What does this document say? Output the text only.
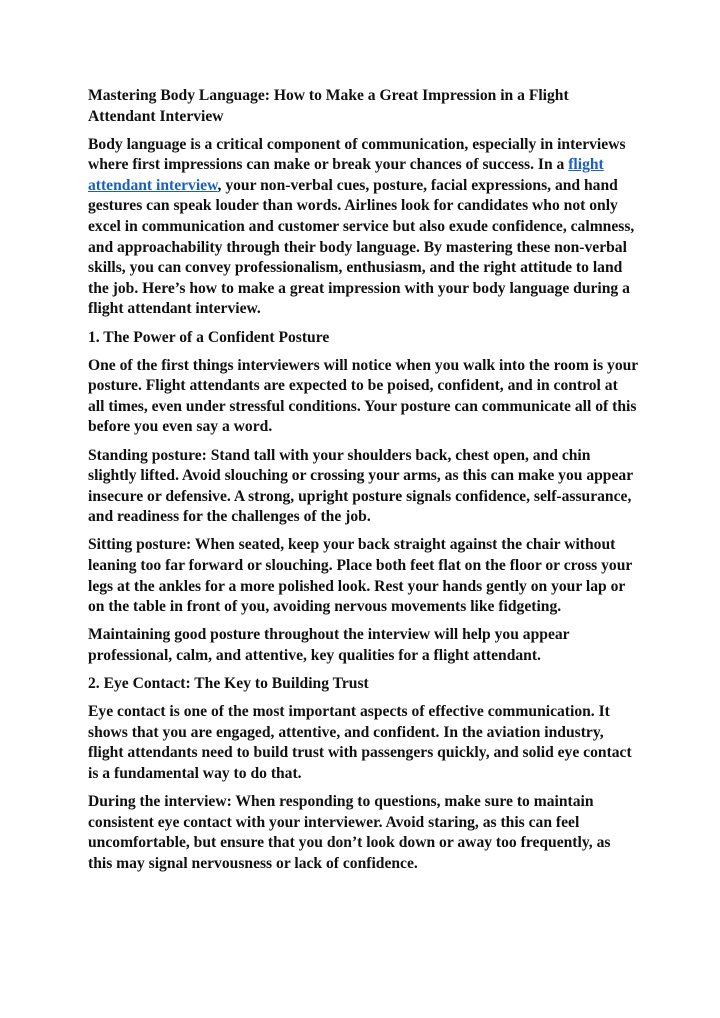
Mastering Body Language: How to Make a Great Impression in a Flight Attendant Interview

Body language is a critical component of communication, especially in interviews where first impressions can make or break your chances of success. In a flight attendant interview, your non-verbal cues, posture, facial expressions, and hand gestures can speak louder than words. Airlines look for candidates who not only excel in communication and customer service but also exude confidence, calmness, and approachability through their body language. By mastering these non-verbal skills, you can convey professionalism, enthusiasm, and the right attitude to land the job. Here’s how to make a great impression with your body language during a flight attendant interview.

1. The Power of a Confident Posture

One of the first things interviewers will notice when you walk into the room is your posture. Flight attendants are expected to be poised, confident, and in control at all times, even under stressful conditions. Your posture can communicate all of this before you even say a word.

Standing posture: Stand tall with your shoulders back, chest open, and chin slightly lifted. Avoid slouching or crossing your arms, as this can make you appear insecure or defensive. A strong, upright posture signals confidence, self-assurance, and readiness for the challenges of the job.

Sitting posture: When seated, keep your back straight against the chair without leaning too far forward or slouching. Place both feet flat on the floor or cross your legs at the ankles for a more polished look. Rest your hands gently on your lap or on the table in front of you, avoiding nervous movements like fidgeting.

Maintaining good posture throughout the interview will help you appear professional, calm, and attentive, key qualities for a flight attendant.

2. Eye Contact: The Key to Building Trust

Eye contact is one of the most important aspects of effective communication. It shows that you are engaged, attentive, and confident. In the aviation industry, flight attendants need to build trust with passengers quickly, and solid eye contact is a fundamental way to do that.

During the interview: When responding to questions, make sure to maintain consistent eye contact with your interviewer. Avoid staring, as this can feel uncomfortable, but ensure that you don’t look down or away too frequently, as this may signal nervousness or lack of confidence.
